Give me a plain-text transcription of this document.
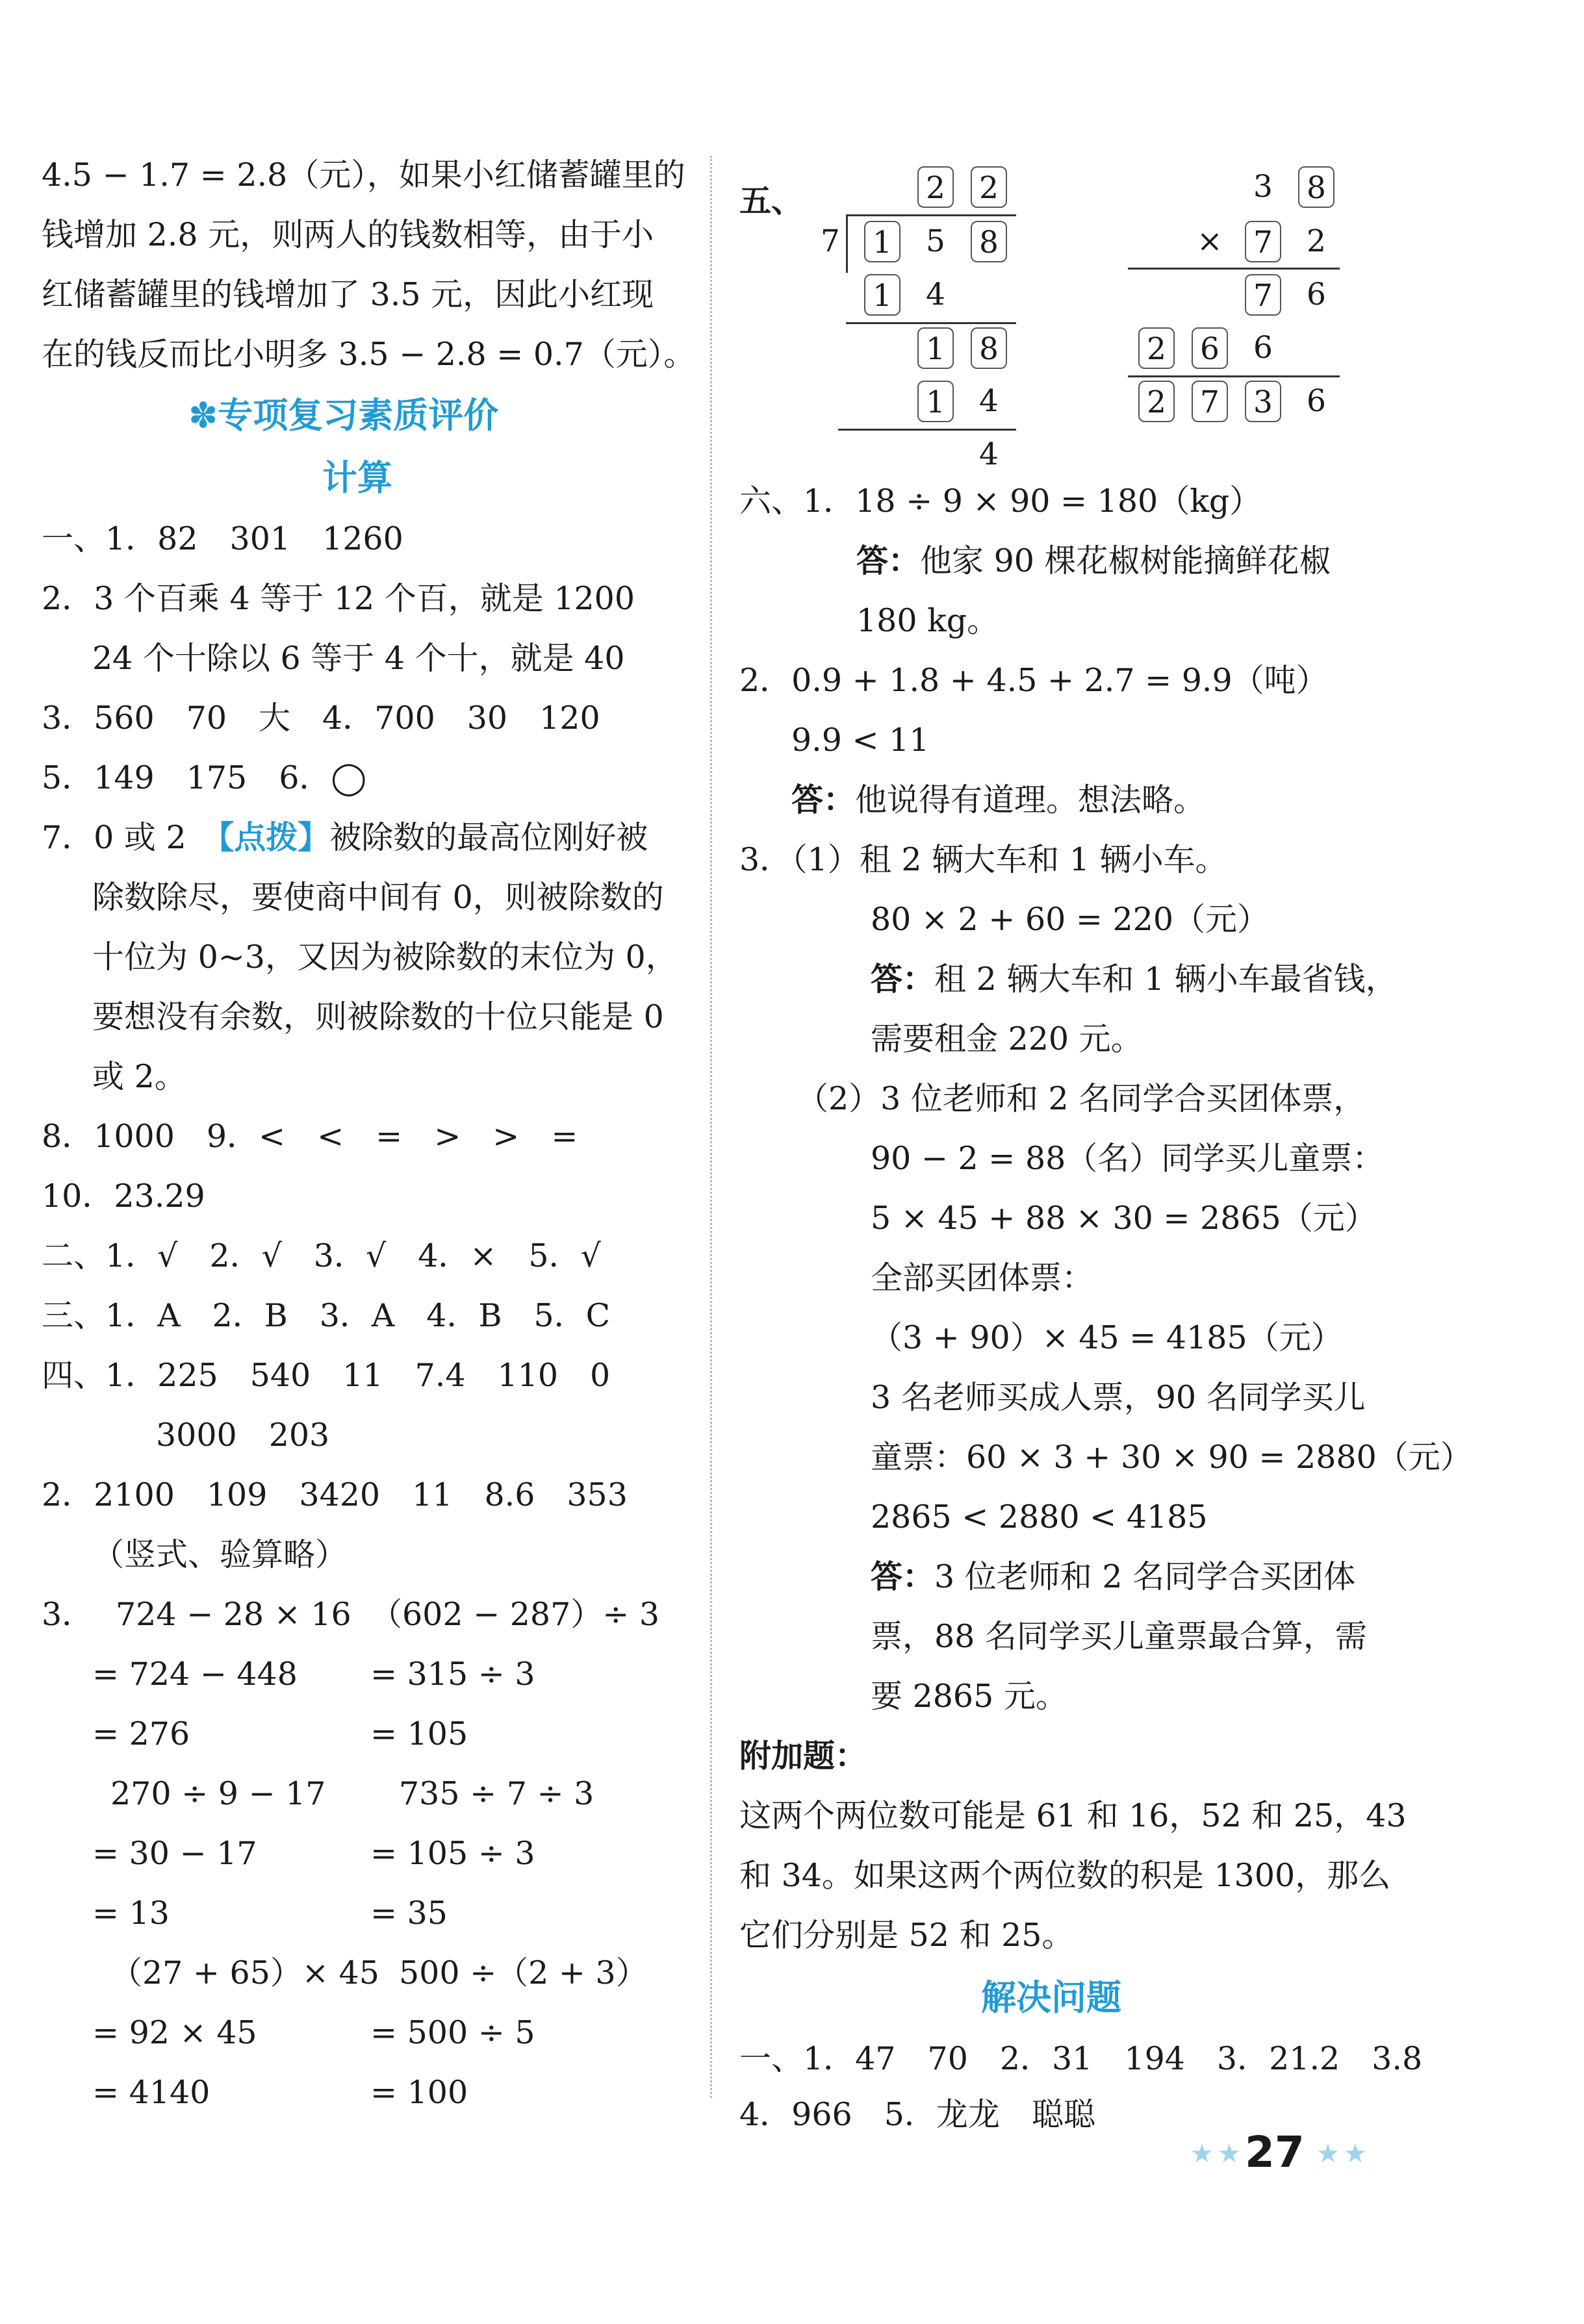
4.5 − 1.7 = 2.8（元），如果小红储蓄罐里的
钱增加 2.8 元，则两人的钱数相等，由于小
红储蓄罐里的钱增加了 3.5 元，因此小红现
在的钱反而比小明多 3.5 − 2.8 = 0.7（元）。
✽专项复习素质评价
计算
一、1．82　301　1260
2．3 个百乘 4 等于 12 个百，就是 1200
24 个十除以 6 等于 4 个十，就是 40
3．560　70　大　4．700　30　120
5．149　175　6．◯
7．0 或 2　【点拨】被除数的最高位刚好被
除数除尽，要使商中间有 0，则被除数的
十位为 0~3，又因为被除数的末位为 0，
要想没有余数，则被除数的十位只能是 0
或 2。
8．1000　9．<　<　=　>　>　=
10．23.29
二、1．√　2．√　3．√　4．×　5．√
三、1．A　2．B　3．A　4．B　5．C
四、1．225　540　11　7.4　110　0
3000　203
2．2100　109　3420　11　8.6　353
（竖式、验算略）
3． 724 − 28 × 16 （602 − 287）÷ 3
= 724 − 448 = 315 ÷ 3
= 276	= 105
270 ÷ 9 − 17 735 ÷ 7 ÷ 3
= 30 − 17	= 105 ÷ 3
= 13	= 35
（27 + 65）× 45 500 ÷（2 + 3）
= 92 × 45	= 500 ÷ 5
= 4140	= 100
五、	2 2
7 1 5 8
1 4
1 8
1 4
4
3 8
× 7 2
7 6
2 6 6
2 7 3 6
六、1．18 ÷ 9 × 90 = 180（kg）
答：他家 90 棵花椒树能摘鲜花椒
180 kg。
2．0.9 + 1.8 + 4.5 + 2.7 = 9.9（吨）
9.9 < 11
答：他说得有道理。想法略。
3．（1）租 2 辆大车和 1 辆小车。
80 × 2 + 60 = 220（元）
答：租 2 辆大车和 1 辆小车最省钱，
需要租金 220 元。
（2）3 位老师和 2 名同学合买团体票，
90 − 2 = 88（名）同学买儿童票：
5 × 45 + 88 × 30 = 2865（元）
全部买团体票：
（3 + 90）× 45 = 4185（元）
3 名老师买成人票，90 名同学买儿
童票：60 × 3 + 30 × 90 = 2880（元）
2865 < 2880 < 4185
答：3 位老师和 2 名同学合买团体
票，88 名同学买儿童票最合算，需
要 2865 元。
附加题：
这两个两位数可能是 61 和 16，52 和 25，43
和 34。如果这两个两位数的积是 1300，那么
它们分别是 52 和 25。
解决问题
一、1．47　70　2．31　194　3．21.2　3.8
4．966　5．龙龙　聪聪
★ ★ 27 ★ ★
